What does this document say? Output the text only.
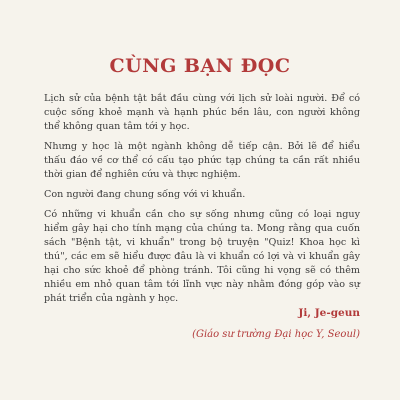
CÙNG BẠN ĐỌC

Lịch sử của bệnh tật bắt đầu cùng với lịch sử loài người. Để có cuộc sống khoẻ mạnh và hạnh phúc bền lâu, con người không thể không quan tâm tới y học.

Nhưng y học là một ngành không dễ tiếp cận. Bởi lẽ để hiểu thấu đáo về cơ thể có cấu tạo phức tạp chúng ta cần rất nhiều thời gian để nghiên cứu và thực nghiệm.

Con người đang chung sống với vi khuẩn.

Có những vi khuẩn cần cho sự sống nhưng cũng có loại nguy hiểm gây hại cho tính mạng của chúng ta. Mong rằng qua cuốn sách "Bệnh tật, vi khuẩn" trong bộ truyện "Quiz! Khoa học kì thú", các em sẽ hiểu được đâu là vi khuẩn có lợi và vi khuẩn gây hại cho sức khoẻ để phòng tránh. Tôi cũng hi vọng sẽ có thêm nhiều em nhỏ quan tâm tới lĩnh vực này nhằm đóng góp vào sự phát triển của ngành y học.

Ji, Je-geun
(Giáo sư trường Đại học Y, Seoul)
